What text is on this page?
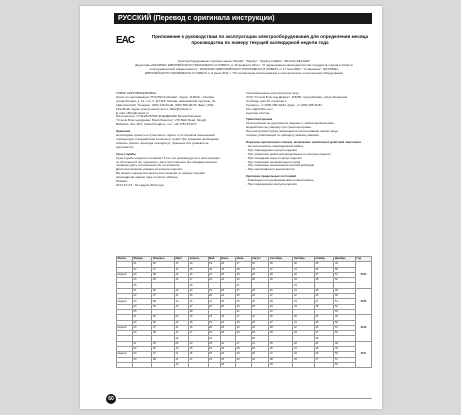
РУССКИЙ (Перевод с оригинала инструкции)
EAC	Приложение к руководствам по эксплуатации электрооборудования для определения месяца производства по номеру текущей календарной недели года
Электрооборудование торговых марок "Dewalt", "Stanley", "Stanley FatMax", "BLACK+DECKER"
Директивы 2014/35/ЕС ЕВРОПЕЙСКОГО ПАРЛАМЕНТА И СОВЕТА от 26 февраля 2014 г. "О гармонизации законодательства государств-членов в области
электромагнитной совместимости", 2006/42/ЕС ЕВРОПЕЙСКОГО ПАРЛАМЕНТА И СОВЕТА от 17 мая 2006 г. "О машинах", 2011/65/ЕС
ЕВРОПЕЙСКОГО ПАРЛАМЕНТА И СОВЕТА от 8 июня 2011 г. "Об ограничении использования в электрическом и электронном оборудовании
ТОВАР СЕРТИФИЦИРОВАН:
Орган по сертификации "РОСТЕСТ-Москва", Адрес: 119049, г. Москва,
улица Житная, д. 14, стр. 1; 117418, Москва, Нахимовский проспект, 31
(фактический). Телефон: (499) 129-26-00, (495) 668-28-93, Факс: (499)
124-99-96, Адрес электронной почты: office@rostest.ru
E-mail: office@rostest.ru
Изготовитель: СТЭНЛИ БЛЭК ЭНД ДЕККЕР, Великобритания
"Стэнли Блэк энд Деккер Юкей Лимитед", 270 Bath Road, Slough,
Berkshire, SL1 4DX, United Kingdom, тел: +44 1753 574277
Хранение
Необходимо хранить в сухом месте, вдали от источников повышенной
температуры и воздействия солнечных лучей. При хранении необходимо
избегать резкого перепада температур. Хранение без упаковки не
допускается.
Срок службы
Срок службы изделия составляет 5 лет. Не рекомендуется к эксплуатации
по истечении 5 лет хранения с даты изготовления без предварительной
проверки (дату изготовления см. на этикетке).
Дата изготовления указана на корпусе изделия.
Вы можете определить месяц изготовления по номеру текущей
календарной недели года согласно таблице.
Пример:
2014 XX XX - 52 неделя 2014 года
Уполномоченное изготовителем лицо:
ООО "Стэнли Блэк энд Деккер", 115280, город Москва, улица Ленинская
Слобода, дом 19, строение 1
Телефон: +7 (495) 258-39-81, факс: +7 (495) 258-39-81
info-ru@sbdinc.com
Сделано в Китае
Транспортировка
Категорически не допускается падение и любые механические
воздействия на упаковку при транспортировке.
При разгрузке/погрузке запрещается использование любого вида
техники, работающей по принципу зажима упаковки.
Перечень критических отказов, возможных ошибочных действий персонала
- Не использовать поврежденный кабель
- При повреждении корпуса изделия
- При появлении дыма непосредственно из корпуса изделия
- При попадании воды в корпус изделия
- При появлении нехарактерного шума
- При появлении повышенной сильной вибрации
- При неисправности выключателя
Критерии предельных состояний
- Поврежден или деформирован сетевой кабель
- При повреждении корпуса изделия
Месяц	Январь	Февраль	Март	Апрель	Май	Июнь	Июль	Август	Сентябрь	Октябрь	Ноябрь	Декабрь	Год
	01	06	10	14	19	23	27	32	36	40	45	49	2014
	02	07	11	15	20	24	28	33	37	41	46	50	
Неделя	03	08	12	16	21	25	29	34	38	42	47	51	
	04	09	13	17	22	26	30	35	39	43	48	52	
	05			18			31			44			
	01	06	10	14	19	23	27	32	36	41	45	49	2015
	02	07	11	15	20	24	28	33	37	42	46	50	
Неделя	03	08	12	16	21	25	29	34	38	43	47	51	
	04	09	13	17	22	26	30	35	39	44	48	52	
	05			18			31		40			53	
	01	05	09	14	18	23	27	31	36	40	44	49	2016
	02	06	10	15	19	24	28	32	37	41	45	50	
Неделя	03	07	11	16	20	25	29	33	38	42	46	51	
	04	08	12	17	21	26	30	34	39	43	47	52	
			13		22			35			48		
	01	05	09	14	18	22	27	31	35	40	44	48	2017
	02	06	10	15	19	23	28	32	36	41	45	49	
Неделя	03	07	11	16	20	24	29	33	37	42	46	50	
	04	08	12	17	21	25	30	34	38	43	47	51	
			13			26			39			52	
60
